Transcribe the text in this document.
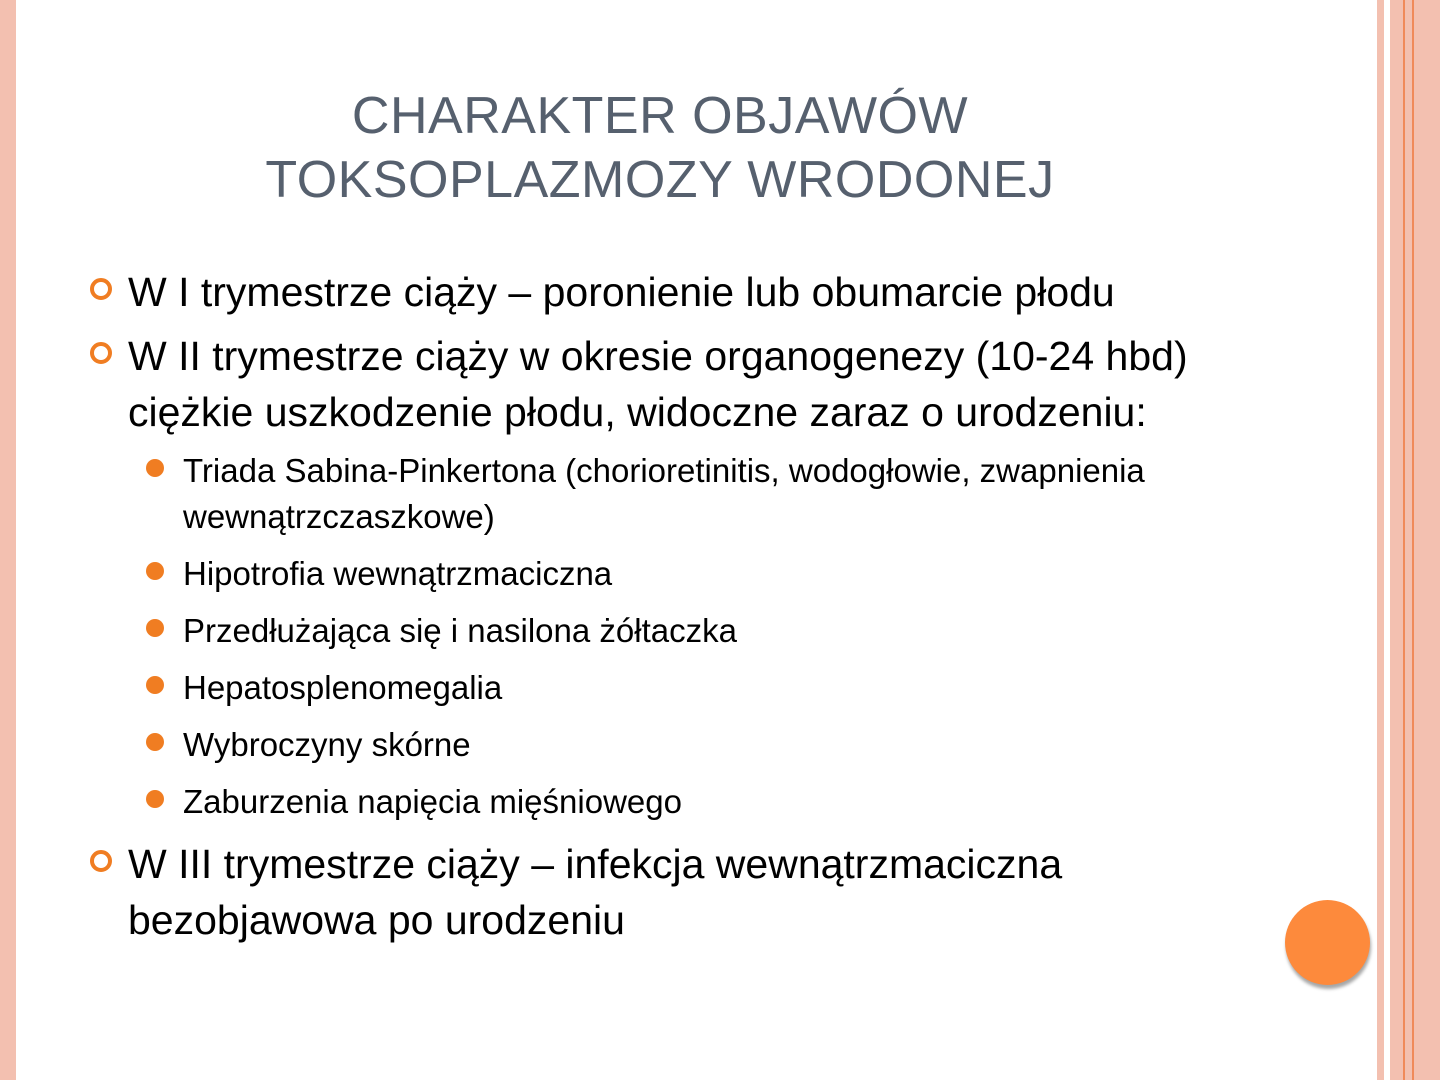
CHARAKTER OBJAWÓW
TOKSOPLAZMOZY WRODONEJ
W I trymestrze ciąży – poronienie lub obumarcie płodu
W II trymestrze ciąży w okresie organogenezy (10-24 hbd) ciężkie uszkodzenie płodu, widoczne zaraz o urodzeniu:
Triada Sabina-Pinkertona (chorioretinitis, wodogłowie, zwapnienia wewnątrzczaszkowe)
Hipotrofia wewnątrzmaciczna
Przedłużająca się i nasilona żółtaczka
Hepatosplenomegalia
Wybroczyny skórne
Zaburzenia napięcia mięśniowego
W III trymestrze ciąży – infekcja wewnątrzmaciczna bezobjawowa po urodzeniu
